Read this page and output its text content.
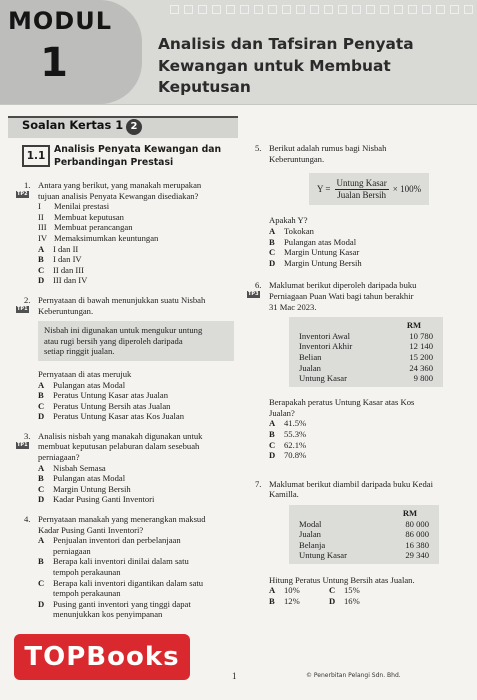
MODUL
1	Analisis dan Tafsiran Penyata
Kewangan untuk Membuat
Keputusan
Soalan Kertas 1 2
1.1
Analisis Penyata Kewangan dan
Perbandingan Prestasi
1.
TP2
Antara yang berikut, yang manakah merupakan
tujuan analisis Penyata Kewangan disediakan?
I	Menilai prestasi
II	Membuat keputusan
III Membuat perancangan
IV Memaksimumkan keuntungan
A	I dan II
B	I dan IV
C	II dan III
D	III dan IV
2.
TP1
Pernyataan di bawah menunjukkan suatu Nisbah
Keberuntungan.
Nisbah ini digunakan untuk mengukur untung
atau rugi bersih yang diperoleh daripada
setiap ringgit jualan.
Pernyataan di atas merujuk
A	Pulangan atas Modal
B	Peratus Untung Kasar atas Jualan
C	Peratus Untung Bersih atas Jualan
D	Peratus Untung Kasar atas Kos Jualan
3.
TP1
Analisis nisbah yang manakah digunakan untuk
membuat keputusan pelaburan dalam sesebuah
perniagaan?
A	Nisbah Semasa
B	Pulangan atas Modal
C	Margin Untung Bersih
D	Kadar Pusing Ganti Inventori
4. Pernyataan manakah yang menerangkan maksud
Kadar Pusing Ganti Inventori?
A	Penjualan inventori dan perbelanjaan
perniagaan
B	Berapa kali inventori dinilai dalam satu
tempoh perakaunan
C	Berapa kali inventori digantikan dalam satu
tempoh perakaunan
D	Pusing ganti inventori yang tinggi dapat
menunjukkan kos penyimpanan
5. Berikut adalah rumus bagi Nisbah
Keberuntungan.
$Y = \frac{\text{Untung Kasar}}{\text{Jualan Bersih}} \times 100\%$
Apakah Y?
A	Tokokan
B	Pulangan atas Modal
C	Margin Untung Kasar
D	Margin Untung Bersih
6.
TP3
Maklumat berikut diperoleh daripada buku
Perniagaan Puan Wati bagi tahun berakhir
31 Mac 2023.
	RM
Inventori Awal	10 780
Inventori Akhir	12 140
Belian	15 200
Jualan	24 360
Untung Kasar	9 800
Berapakah peratus Untung Kasar atas Kos
Jualan?
A	41.5%
B	55.3%
C	62.1%
D	70.8%
7. Maklumat berikut diambil daripada buku Kedai
Kamilla.
	RM
Modal	80 000
Jualan	86 000
Belanja	16 380
Untung Kasar	29 340
Hitung Peratus Untung Bersih atas Jualan.
A	10%	C	15%
B	12%	D	16%
TOPBooks
1	© Penerbitan Pelangi Sdn. Bhd.
